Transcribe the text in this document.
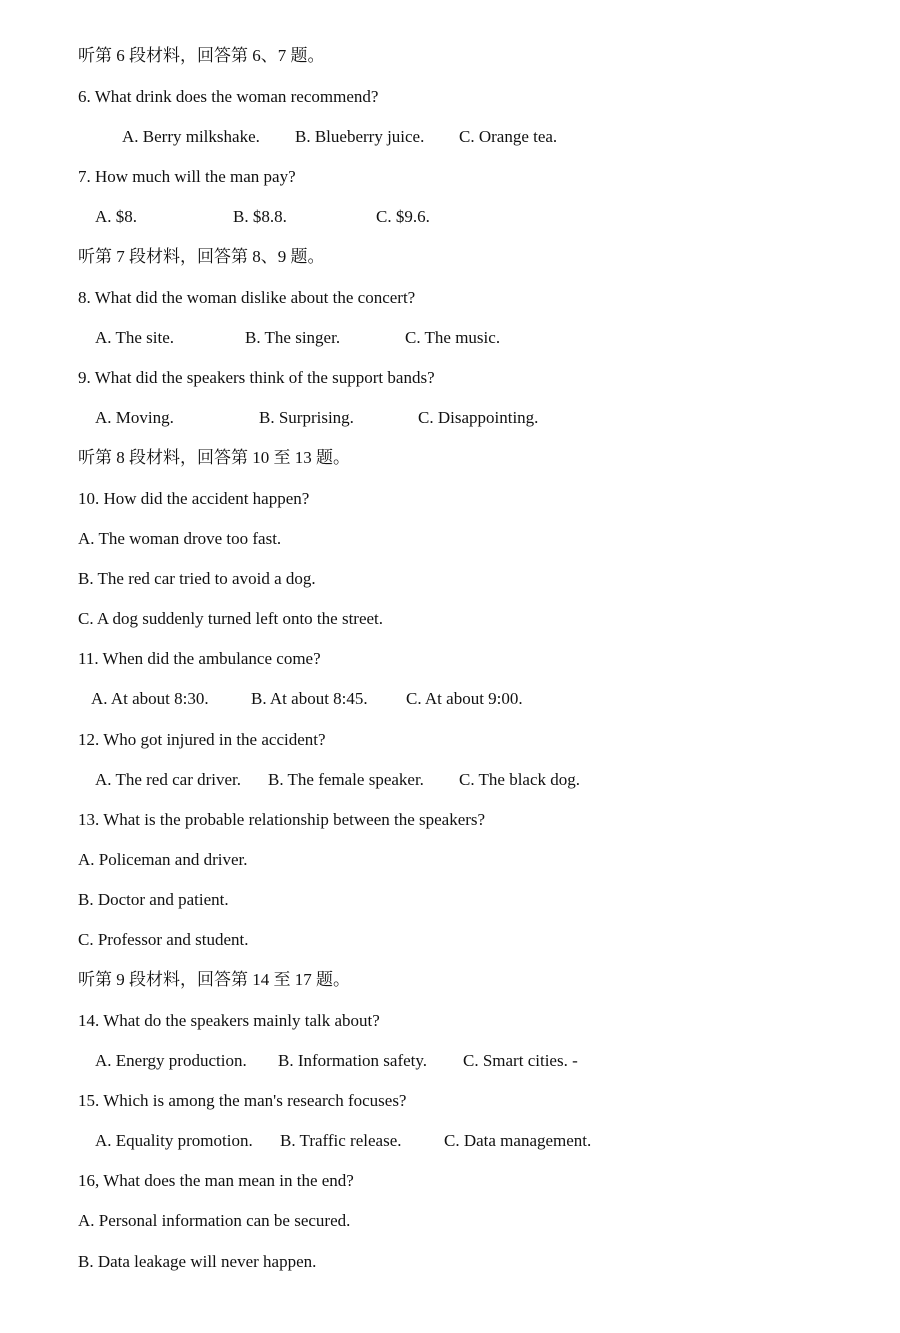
听第 6 段材料，回答第 6、7 题。
6. What drink does the woman recommend?
A. Berry milkshake. B. Blueberry juice. C. Orange tea.
7. How much will the man pay?
A. $8.	B. $8.8.	C. $9.6.
听第 7 段材料，回答第 8、9 题。
8. What did the woman dislike about the concert?
A. The site.	B. The singer.	C. The music.
9. What did the speakers think of the support bands?
A. Moving.	B. Surprising.	C. Disappointing.
听第 8 段材料，回答第 10 至 13 题。
10. How did the accident happen?
A. The woman drove too fast.
B. The red car tried to avoid a dog.
C. A dog suddenly turned left onto the street.
11. When did the ambulance come?
A. At about 8:30. B. At about 8:45. C. At about 9:00.
12. Who got injured in the accident?
A. The red car driver. B. The female speaker. C. The black dog.
13. What is the probable relationship between the speakers?
A. Policeman and driver.
B. Doctor and patient.
C. Professor and student.
听第 9 段材料，回答第 14 至 17 题。
14. What do the speakers mainly talk about?
A. Energy production. B. Information safety. C. Smart cities. -
15. Which is among the man's research focuses?
A. Equality promotion. B. Traffic release.	C. Data management.
16, What does the man mean in the end?
A. Personal information can be secured.
B. Data leakage will never happen.
